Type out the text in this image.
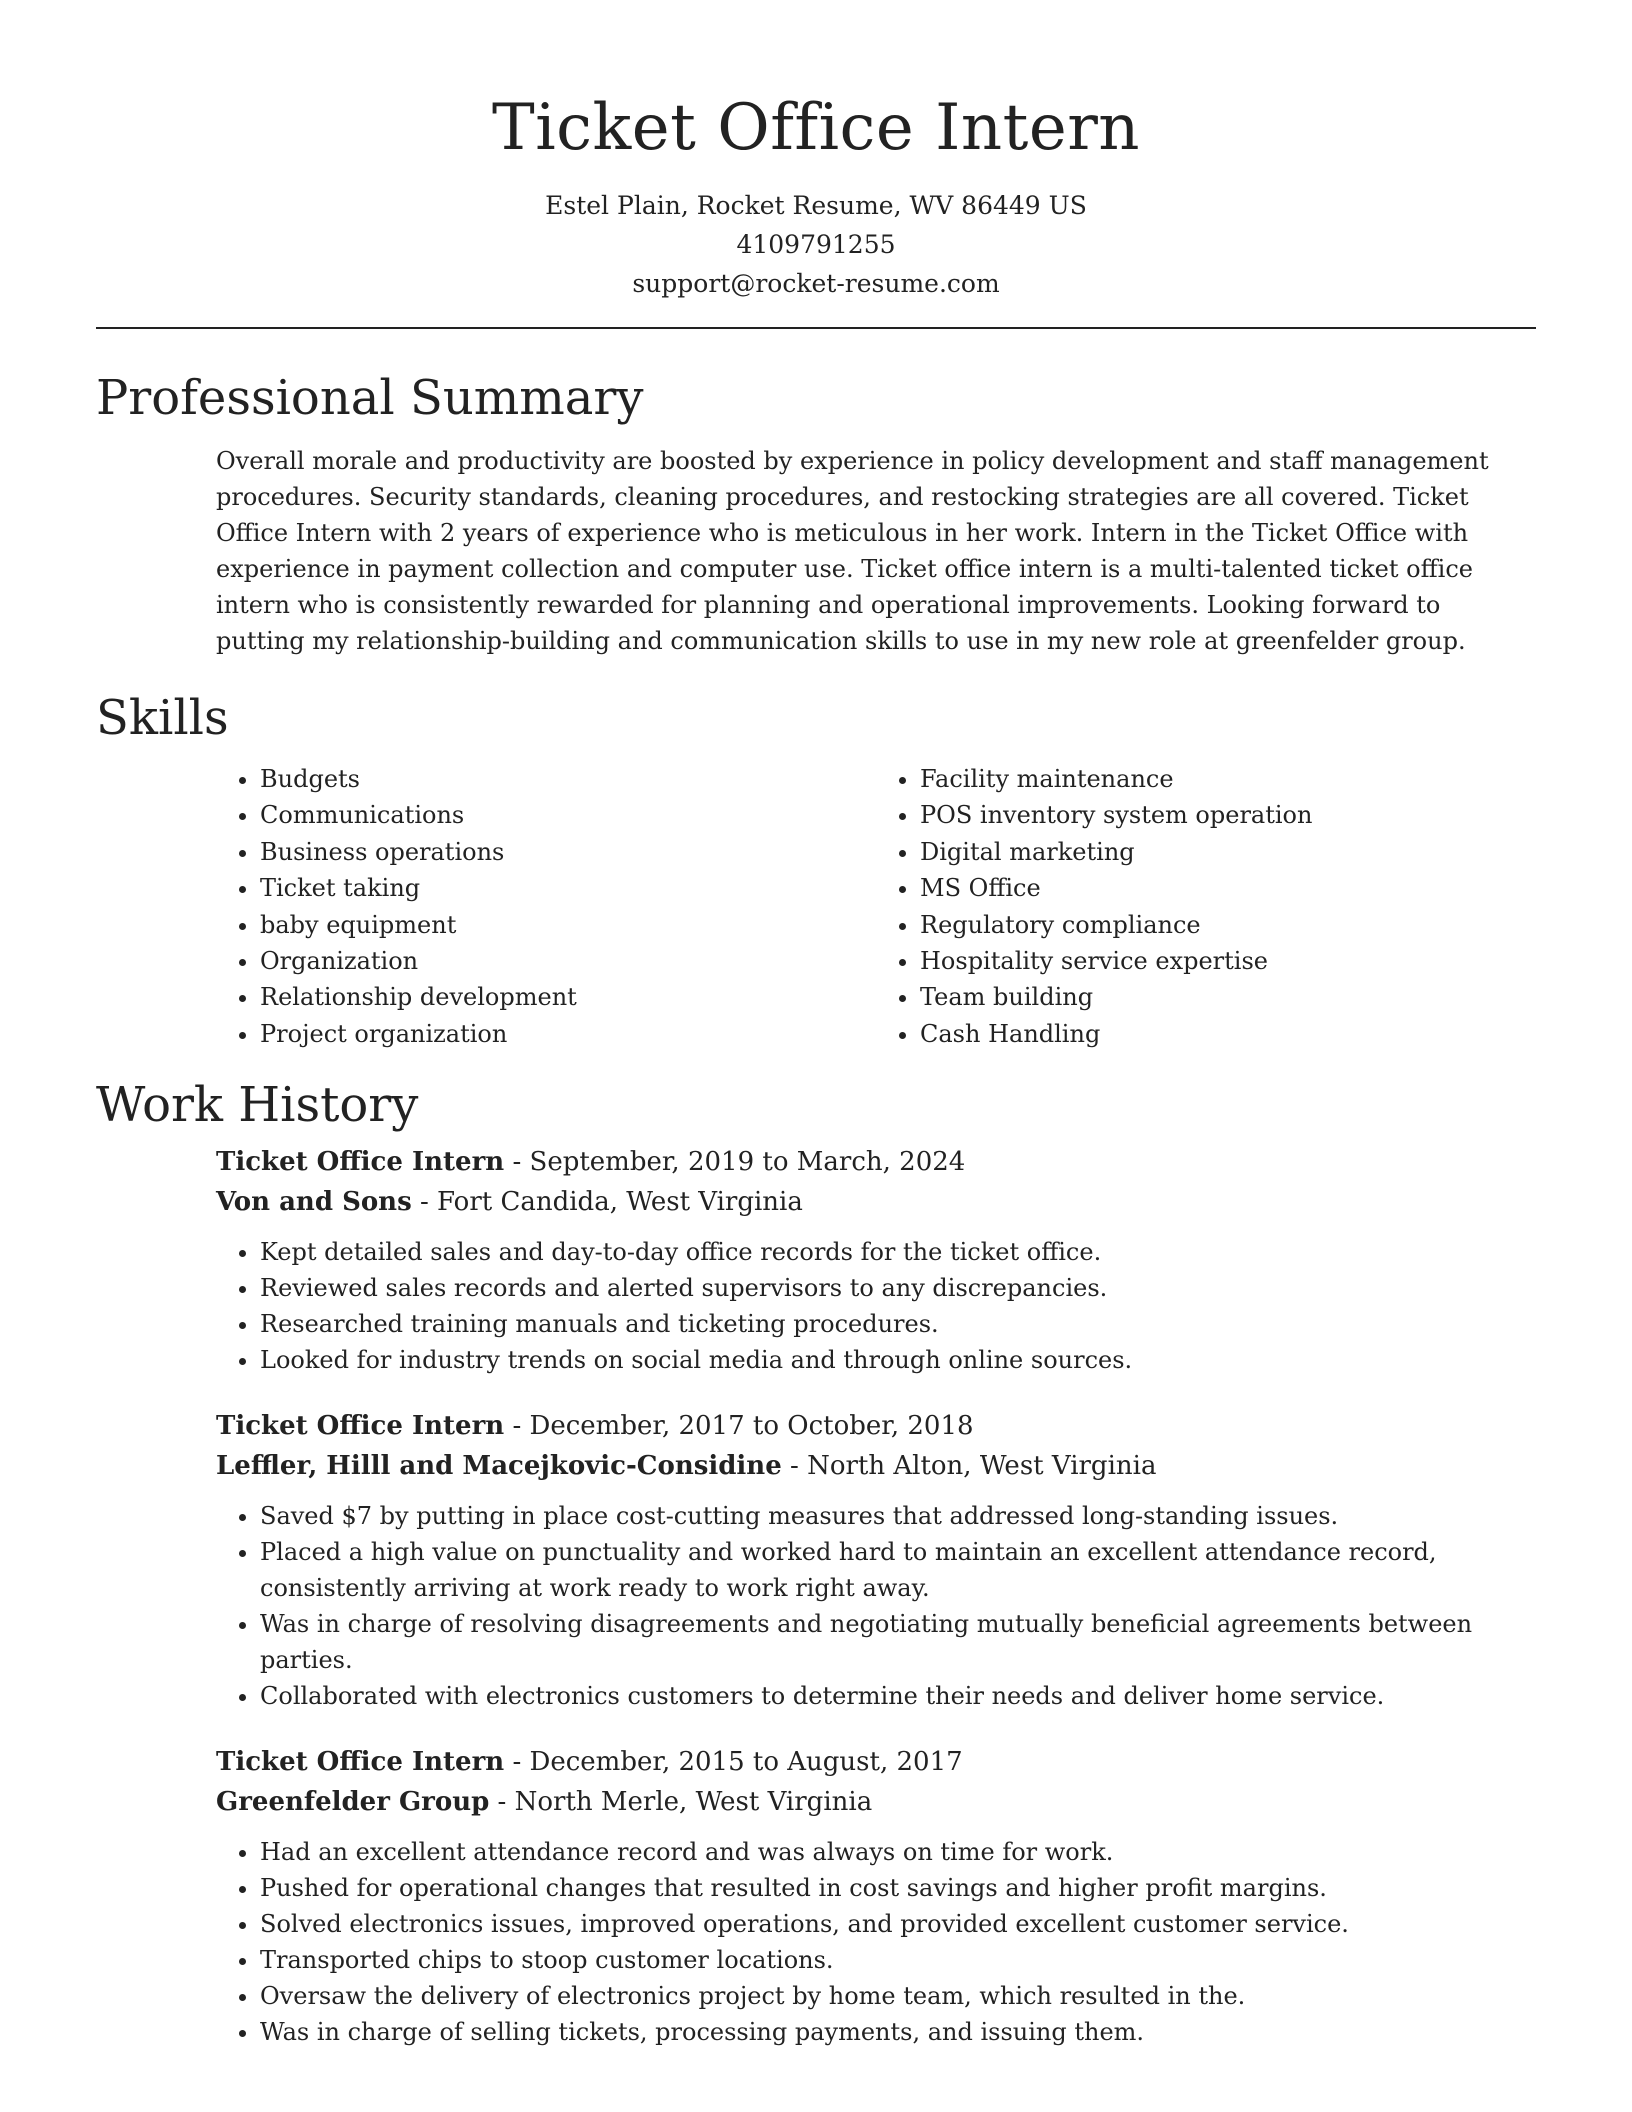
Ticket Office Intern
Estel Plain, Rocket Resume, WV 86449 US
4109791255
support@rocket-resume.com
Professional Summary

Overall morale and productivity are boosted by experience in policy development and staff management procedures. Security standards, cleaning procedures, and restocking strategies are all covered. Ticket Office Intern with 2 years of experience who is meticulous in her work. Intern in the Ticket Office with experience in payment collection and computer use. Ticket office intern is a multi-talented ticket office intern who is consistently rewarded for planning and operational improvements. Looking forward to putting my relationship-building and communication skills to use in my new role at greenfelder group.

Skills
• Budgets
• Communications
• Business operations
• Ticket taking
• baby equipment
• Organization
• Relationship development
• Project organization
• Facility maintenance
• POS inventory system operation
• Digital marketing
• MS Office
• Regulatory compliance
• Hospitality service expertise
• Team building
• Cash Handling
Work History
Ticket Office Intern - September, 2019 to March, 2024
Von and Sons - Fort Candida, West Virginia
• Kept detailed sales and day-to-day office records for the ticket office.
• Reviewed sales records and alerted supervisors to any discrepancies.
• Researched training manuals and ticketing procedures.
• Looked for industry trends on social media and through online sources.
Ticket Office Intern - December, 2017 to October, 2018
Leffler, Hilll and Macejkovic-Considine - North Alton, West Virginia
• Saved $7 by putting in place cost-cutting measures that addressed long-standing issues.
• Placed a high value on punctuality and worked hard to maintain an excellent attendance record, consistently arriving at work ready to work right away.
• Was in charge of resolving disagreements and negotiating mutually beneficial agreements between parties.
• Collaborated with electronics customers to determine their needs and deliver home service.
Ticket Office Intern - December, 2015 to August, 2017
Greenfelder Group - North Merle, West Virginia
• Had an excellent attendance record and was always on time for work.
• Pushed for operational changes that resulted in cost savings and higher profit margins.
• Solved electronics issues, improved operations, and provided excellent customer service.
• Transported chips to stoop customer locations.
• Oversaw the delivery of electronics project by home team, which resulted in the.
• Was in charge of selling tickets, processing payments, and issuing them.
